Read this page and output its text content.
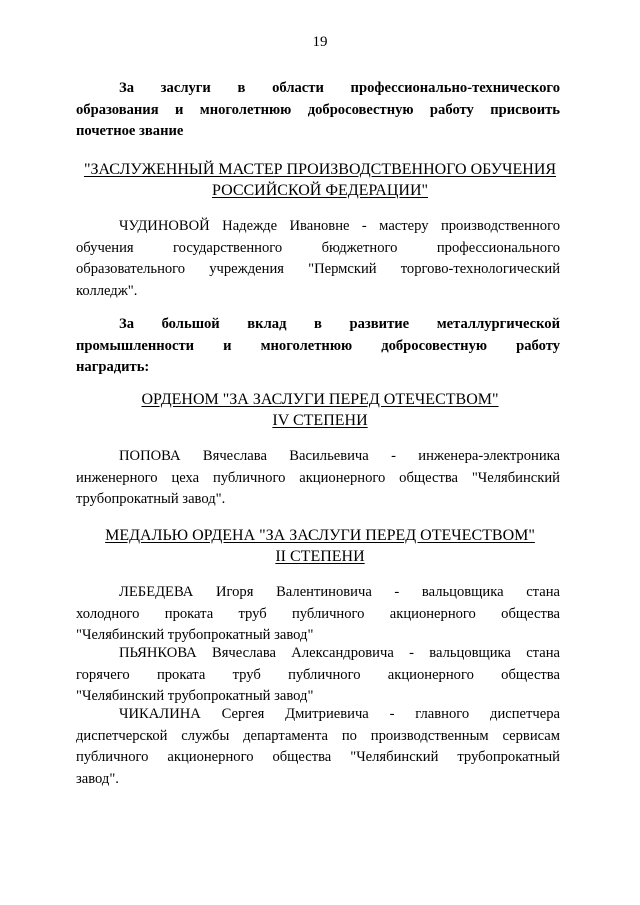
19
За заслуги в области профессионально-технического
образования и многолетнюю добросовестную работу присвоить
почетное звание
"ЗАСЛУЖЕННЫЙ МАСТЕР ПРОИЗВОДСТВЕННОГО ОБУЧЕНИЯ
РОССИЙСКОЙ ФЕДЕРАЦИИ"
ЧУДИНОВОЙ Надежде Ивановне - мастеру производственного
обучения государственного бюджетного профессионального
образовательного учреждения "Пермский торгово-технологический
колледж".
За большой вклад в развитие металлургической
промышленности и многолетнюю добросовестную работу
наградить:
ОРДЕНОМ "ЗА ЗАСЛУГИ ПЕРЕД ОТЕЧЕСТВОМ"
IV СТЕПЕНИ
ПОПОВА Вячеслава Васильевича - инженера-электроника
инженерного цеха публичного акционерного общества "Челябинский
трубопрокатный завод".
МЕДАЛЬЮ ОРДЕНА "ЗА ЗАСЛУГИ ПЕРЕД ОТЕЧЕСТВОМ"
II СТЕПЕНИ
ЛЕБЕДЕВА Игоря Валентиновича - вальцовщика стана
холодного проката труб публичного акционерного общества
"Челябинский трубопрокатный завод"
ПЬЯНКОВА Вячеслава Александровича - вальцовщика стана
горячего проката труб публичного акционерного общества
"Челябинский трубопрокатный завод"
ЧИКАЛИНА Сергея Дмитриевича - главного диспетчера
диспетчерской службы департамента по производственным сервисам
публичного акционерного общества "Челябинский трубопрокатный
завод".
